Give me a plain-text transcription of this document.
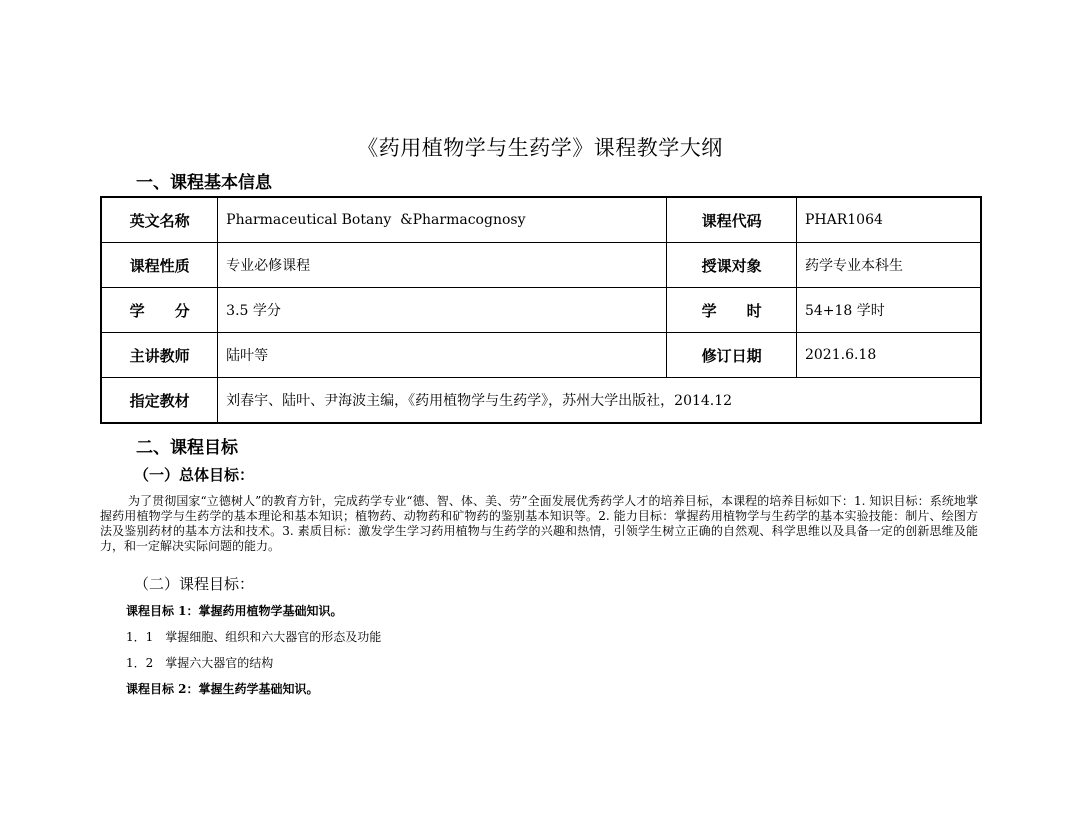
《药用植物学与生药学》课程教学大纲
一、课程基本信息
英文名称	Pharmaceutical Botany  &Pharmacognosy	课程代码	PHAR1064
课程性质	专业必修课程	授课对象	药学专业本科生
学　　分	3.5 学分	学　　时	54+18 学时
主讲教师	陆叶等	修订日期	2021.6.18
指定教材	刘春宇、陆叶、尹海波主编，《药用植物学与生药学》，苏州大学出版社，2014.12		
二、课程目标
（一）总体目标：
为了贯彻国家“立德树人”的教育方针，完成药学专业“德、智、体、美、劳”全面发展优秀药学人才的培养目标，本课程的培养目标如下：1. 知识目标：系统地掌握药用植物学与生药学的基本理论和基本知识；植物药、动物药和矿物药的鉴别基本知识等。2. 能力目标：掌握药用植物学与生药学的基本实验技能：制片、绘图方法及鉴别药材的基本方法和技术。3. 素质目标：激发学生学习药用植物与生药学的兴趣和热情，引领学生树立正确的自然观、科学思维以及具备一定的创新思维及能力，和一定解决实际问题的能力。
（二）课程目标：
课程目标 1：掌握药用植物学基础知识。
1．1　掌握细胞、组织和六大器官的形态及功能
1．2　掌握六大器官的结构
课程目标 2：掌握生药学基础知识。
